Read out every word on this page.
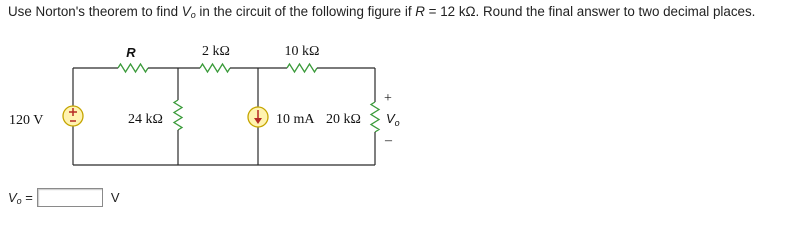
Use Norton's theorem to find $V_o$ in the circuit of the following figure if R = 12 kΩ. Round the final answer to two decimal places.
R	2 kΩ	10 kΩ
120 V	24 kΩ	10 mA 20 kΩ
+
–
$V_o$
$V_o$ =	V
